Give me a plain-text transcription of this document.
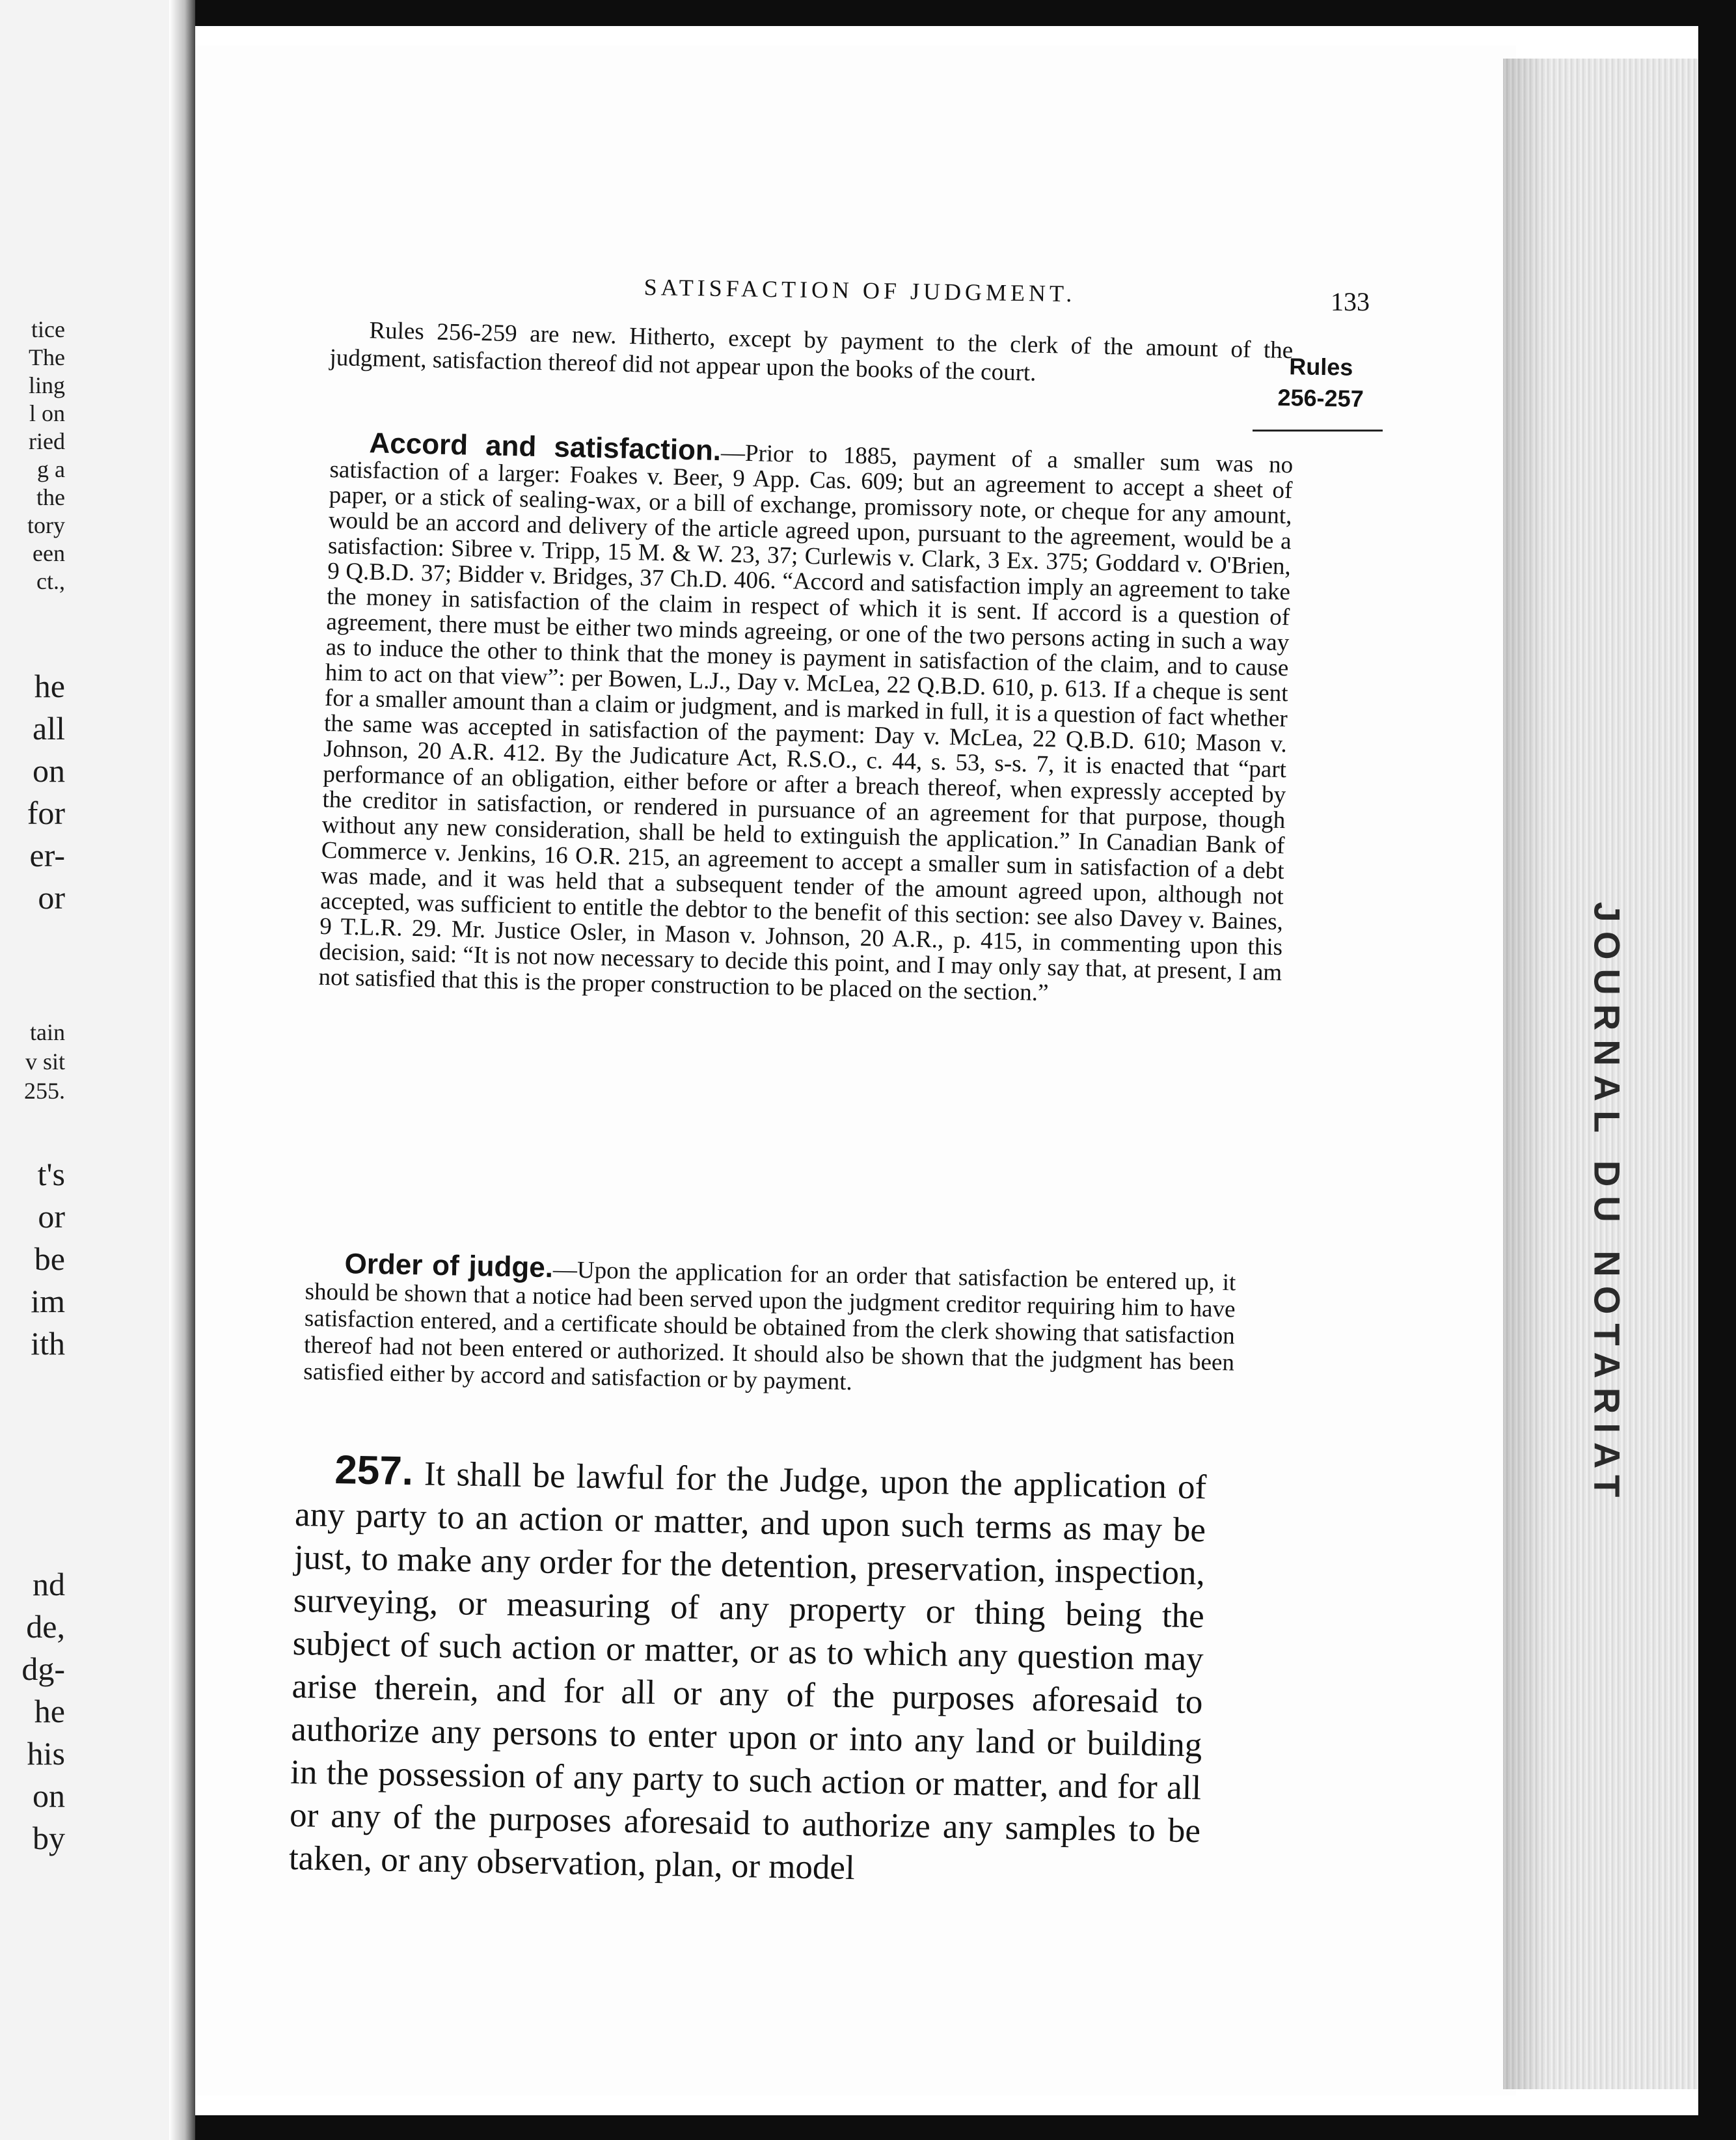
tice
The
ling
l on
ried
g a
the
tory
een
ct.,
he
all
on
for
er-
or
tain
v sit
255.
t's
or
be
im
ith
nd
de,
dg-
he
his
on
by
JOURNAL DU NOTARIAT
SATISFACTION OF JUDGMENT.	133
Rules
256-257
Rules 256-259 are new. Hitherto, except by payment to the clerk of the amount of the judgment, satisfaction thereof did not appear upon the books of the court.
Accord and satisfaction.—Prior to 1885, payment of a smaller sum was no satisfaction of a larger: Foakes v. Beer, 9 App. Cas. 609; but an agreement to accept a sheet of paper, or a stick of sealing-wax, or a bill of exchange, promissory note, or cheque for any amount, would be an accord and delivery of the article agreed upon, pursuant to the agreement, would be a satisfaction: Sibree v. Tripp, 15 M. & W. 23, 37; Curlewis v. Clark, 3 Ex. 375; Goddard v. O'Brien, 9 Q.B.D. 37; Bidder v. Bridges, 37 Ch.D. 406. “Accord and satisfaction imply an agreement to take the money in satisfaction of the claim in respect of which it is sent. If accord is a question of agreement, there must be either two minds agreeing, or one of the two persons acting in such a way as to induce the other to think that the money is payment in satisfaction of the claim, and to cause him to act on that view”: per Bowen, L.J., Day v. McLea, 22 Q.B.D. 610, p. 613. If a cheque is sent for a smaller amount than a claim or judgment, and is marked in full, it is a question of fact whether the same was accepted in satisfaction of the payment: Day v. McLea, 22 Q.B.D. 610; Mason v. Johnson, 20 A.R. 412. By the Judicature Act, R.S.O., c. 44, s. 53, s-s. 7, it is enacted that “part performance of an obligation, either before or after a breach thereof, when expressly accepted by the creditor in satisfaction, or rendered in pursuance of an agreement for that purpose, though without any new consideration, shall be held to extinguish the application.” In Canadian Bank of Commerce v. Jenkins, 16 O.R. 215, an agreement to accept a smaller sum in satisfaction of a debt was made, and it was held that a subsequent tender of the amount agreed upon, although not accepted, was sufficient to entitle the debtor to the benefit of this section: see also Davey v. Baines, 9 T.L.R. 29. Mr. Justice Osler, in Mason v. Johnson, 20 A.R., p. 415, in commenting upon this decision, said: “It is not now necessary to decide this point, and I may only say that, at present, I am not satisfied that this is the proper construction to be placed on the section.”
Order of judge.—Upon the application for an order that satisfaction be entered up, it should be shown that a notice had been served upon the judgment creditor requiring him to have satisfaction entered, and a certificate should be obtained from the clerk showing that satisfaction thereof had not been entered or authorized. It should also be shown that the judgment has been satisfied either by accord and satisfaction or by payment.
257. It shall be lawful for the Judge, upon the application of any party to an action or matter, and upon such terms as may be just, to make any order for the detention, preservation, inspection, surveying, or measuring of any property or thing being the subject of such action or matter, or as to which any question may arise therein, and for all or any of the purposes aforesaid to authorize any persons to enter upon or into any land or building in the possession of any party to such action or matter, and for all or any of the purposes aforesaid to authorize any samples to be taken, or any observation, plan, or model
